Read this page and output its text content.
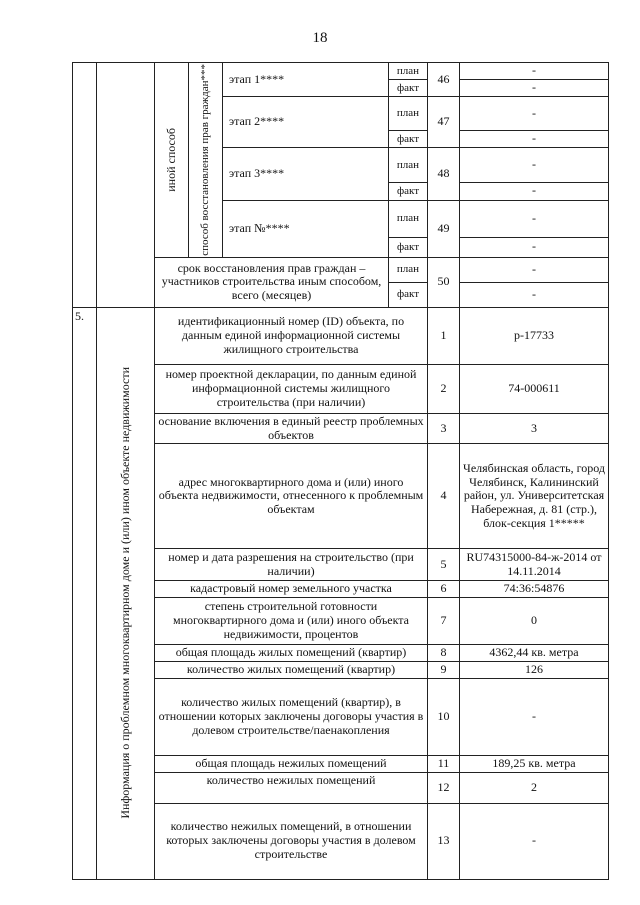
18

		иной способ	способ восстановления прав граждан***	этап 1****	план	46	-
					факт		-
				этап 2****	план	47	-
					факт		-
				этап 3****	план	48	-
					факт		-
				этап №****	план	49	-
					факт		-
		срок восстановления прав граждан – участников строительства иным способом, всего (месяцев)			план	50	-
					факт		-
5.	Информация о проблемном многоквартирном доме и (или) ином объекте недвижимости	идентификационный номер (ID) объекта, по данным единой информационной системы жилищного строительства				1	р-17733
		номер проектной декларации, по данным единой информационной системы жилищного строительства (при наличии)				2	74-000611
		основание включения в единый реестр проблемных объектов				3	3
		адрес многоквартирного дома и (или) иного объекта недвижимости, отнесенного к проблемным объектам				4	Челябинская область, город Челябинск, Калининский район, ул. Университетская Набережная, д. 81 (стр.), блок-секция 1*****
		номер и дата разрешения на строительство (при наличии)				5	RU74315000-84-ж-2014 от 14.11.2014
		кадастровый номер земельного участка				6	74:36:54876
		степень строительной готовности многоквартирного дома и (или) иного объекта недвижимости, процентов				7	0
		общая площадь жилых помещений (квартир)				8	4362,44 кв. метра
		количество жилых помещений (квартир)				9	126
		количество жилых помещений (квартир), в отношении которых заключены договоры участия в долевом строительстве/паенакопления				10	-
		общая площадь нежилых помещений				11	189,25 кв. метра
		количество нежилых помещений				12	2
		количество нежилых помещений, в отношении которых заключены договоры участия в долевом строительстве				13	-
